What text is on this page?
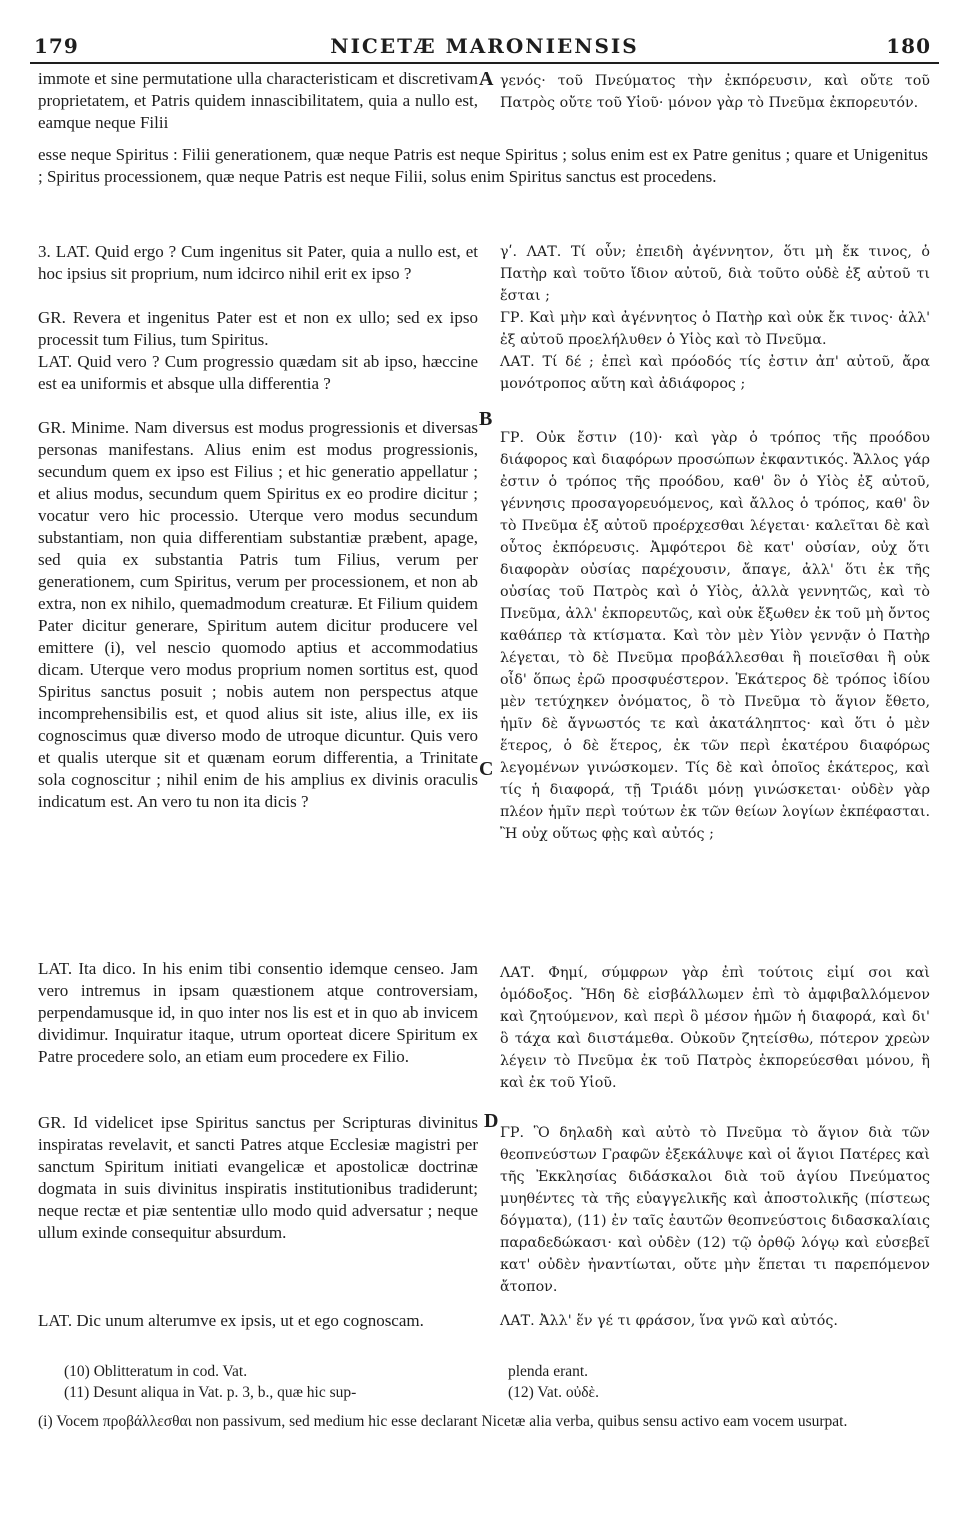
179	NICETÆ MARONIENSIS	180

immote et sine permutatione ulla characteristicam et discretivam proprietatem, et Patris quidem innascibilitatem, quia a nullo est, eamque neque Filii

A γενός· τοῦ Πνεύματος τὴν ἐκπόρευσιν, καὶ οὔτε τοῦ Πατρὸς οὔτε τοῦ Υἱοῦ· μόνον γὰρ τὸ Πνεῦμα ἐκπορευτόν.

esse neque Spiritus : Filii generationem, quæ neque Patris est neque Spiritus ; solus enim est ex Patre genitus ; quare et Unigenitus ; Spiritus processionem, quæ neque Patris est neque Filii, solus enim Spiritus sanctus est procedens.

3. LAT. Quid ergo ? Cum ingenitus sit Pater, quia a nullo est, et hoc ipsius sit proprium, num idcirco nihil erit ex ipso ?

GR. Revera et ingenitus Pater est et non ex ullo; sed ex ipso processit tum Filius, tum Spiritus.

LAT. Quid vero ? Cum progressio quædam sit ab ipso, hæccine est ea uniformis et absque ulla differentia ?

GR. Minime. Nam diversus est modus progressionis et diversas personas manifestans. Alius enim est modus progressionis, secundum quem ex ipso est Filius ; et hic generatio appellatur ; et alius modus, secundum quem Spiritus ex eo prodire dicitur ; vocatur vero hic processio. Uterque vero modus secundum substantiam, non quia differentiam substantiæ præbent, apage, sed quia ex substantia Patris tum Filius, verum per generationem, cum Spiritus, verum per processionem, et non ab extra, non ex nihilo, quemadmodum creaturæ. Et Filium quidem Pater dicitur generare, Spiritum autem dicitur producere vel emittere (i), vel nescio quomodo aptius et accommodatius dicam. Uterque vero modus proprium nomen sortitus est, quod Spiritus sanctus posuit ; nobis autem non perspectus atque incomprehensibilis est, et quod alius sit iste, alius ille, ex iis cognoscimus quæ diverso modo de utroque dicuntur. Quis vero et qualis uterque sit et quænam eorum differentia, a Trinitate sola cognoscitur ; nihil enim de his amplius ex divinis oraculis indicatum est. An vero tu non ita dicis ?

LAT. Ita dico. In his enim tibi consentio idemque censeo. Jam vero intremus in ipsam quæstionem atque controversiam, perpendamusque id, in quo inter nos lis est et in quo ab invicem dividimur. Inquiratur itaque, utrum oporteat dicere Spiritum ex Patre procedere solo, an etiam eum procedere ex Filio.

GR. Id videlicet ipse Spiritus sanctus per Scripturas divinitus inspiratas revelavit, et sancti Patres atque Ecclesiæ magistri per sanctum Spiritum initiati evangelicæ et apostolicæ doctrinæ dogmata in suis divinitus inspiratis institutionibus tradiderunt; neque rectæ et piæ sententiæ ullo modo quid adversatur ; neque ullum exinde consequitur absurdum.

LAT. Dic unum alterumve ex ipsis, ut et ego cognoscam.

B
C
D

γʹ. ΛΑΤ. Τί οὖν; ἐπειδὴ ἀγέννητον, ὅτι μὴ ἔκ τινος, ὁ Πατὴρ καὶ τοῦτο ἴδιον αὐτοῦ, διὰ τοῦτο οὐδὲ ἐξ αὐτοῦ τι ἔσται ;

ΓΡ. Καὶ μὴν καὶ ἀγέννητος ὁ Πατὴρ καὶ οὐκ ἔκ τινος· ἀλλ' ἐξ αὐτοῦ προελήλυθεν ὁ Υἱὸς καὶ τὸ Πνεῦμα.

ΛΑΤ. Τί δέ ; ἐπεὶ καὶ πρόοδός τίς ἐστιν ἀπ' αὐτοῦ, ἄρα μονότροπος αὕτη καὶ ἀδιάφορος ;

ΓΡ. Οὐκ ἔστιν (10)· καὶ γὰρ ὁ τρόπος τῆς προόδου διάφορος καὶ διαφόρων προσώπων ἐκφαντικός. Ἄλλος γάρ ἐστιν ὁ τρόπος τῆς προόδου, καθ' ὃν ὁ Υἱὸς ἐξ αὐτοῦ, γέννησις προσαγορευόμενος, καὶ ἄλλος ὁ τρόπος, καθ' ὃν τὸ Πνεῦμα ἐξ αὐτοῦ προέρχεσθαι λέγεται· καλεῖται δὲ καὶ οὗτος ἐκπόρευσις. Ἀμφότεροι δὲ κατ' οὐσίαν, οὐχ ὅτι διαφορὰν οὐσίας παρέχουσιν, ἄπαγε, ἀλλ' ὅτι ἐκ τῆς οὐσίας τοῦ Πατρὸς καὶ ὁ Υἱὸς, ἀλλὰ γεννητῶς, καὶ τὸ Πνεῦμα, ἀλλ' ἐκπορευτῶς, καὶ οὐκ ἔξωθεν ἐκ τοῦ μὴ ὄντος καθάπερ τὰ κτίσματα. Καὶ τὸν μὲν Υἱὸν γεννᾷν ὁ Πατὴρ λέγεται, τὸ δὲ Πνεῦμα προβάλλεσθαι ἢ ποιεῖσθαι ἢ οὐκ οἶδ' ὅπως ἐρῶ προσφυέστερον. Ἑκάτερος δὲ τρόπος ἰδίου μὲν τετύχηκεν ὀνόματος, ὃ τὸ Πνεῦμα τὸ ἅγιον ἔθετο, ἡμῖν δὲ ἄγνωστός τε καὶ ἀκατάληπτος· καὶ ὅτι ὁ μὲν ἕτερος, ὁ δὲ ἕτερος, ἐκ τῶν περὶ ἑκατέρου διαφόρως λεγομένων γινώσκομεν. Τίς δὲ καὶ ὁποῖος ἑκάτερος, καὶ τίς ἡ διαφορά, τῇ Τριάδι μόνῃ γινώσκεται· οὐδὲν γὰρ πλέον ἡμῖν περὶ τούτων ἐκ τῶν θείων λογίων ἐκπέφασται. Ἢ οὐχ οὕτως φῂς καὶ αὐτός ;

ΛΑΤ. Φημί, σύμφρων γὰρ ἐπὶ τούτοις εἰμί σοι καὶ ὁμόδοξος. Ἤδη δὲ εἰσβάλλωμεν ἐπὶ τὸ ἀμφιβαλλόμενον καὶ ζητούμενον, καὶ περὶ ὃ μέσον ἡμῶν ἡ διαφορά, καὶ δι' ὃ τάχα καὶ διιστάμεθα. Οὐκοῦν ζητείσθω, πότερον χρεὼν λέγειν τὸ Πνεῦμα ἐκ τοῦ Πατρὸς ἐκπορεύεσθαι μόνου, ἢ καὶ ἐκ τοῦ Υἱοῦ.

ΓΡ. Ὃ δηλαδὴ καὶ αὐτὸ τὸ Πνεῦμα τὸ ἅγιον διὰ τῶν θεοπνεύστων Γραφῶν ἐξεκάλυψε καὶ οἱ ἅγιοι Πατέρες καὶ τῆς Ἐκκλησίας διδάσκαλοι διὰ τοῦ ἁγίου Πνεύματος μυηθέντες τὰ τῆς εὐαγγελικῆς καὶ ἀποστολικῆς (πίστεως δόγματα), (11) ἐν ταῖς ἑαυτῶν θεοπνεύστοις διδασκαλίαις παραδεδώκασι· καὶ οὐδὲν (12) τῷ ὀρθῷ λόγῳ καὶ εὐσεβεῖ κατ' οὐδὲν ἠναντίωται, οὔτε μὴν ἕπεται τι παρεπόμενον ἄτοπον.

ΛΑΤ. Ἀλλ' ἕν γέ τι φράσον, ἵνα γνῶ καὶ αὐτός.

(10) Oblitteratum in cod. Vat.

(11) Desunt aliqua in Vat. p. 3, b., quæ hic sup-

plenda erant.

(12) Vat. οὐδὲ.

(i) Vocem προβάλλεσθαι non passivum, sed medium hic esse declarant Nicetæ alia verba, quibus sensu activo eam vocem usurpat.
